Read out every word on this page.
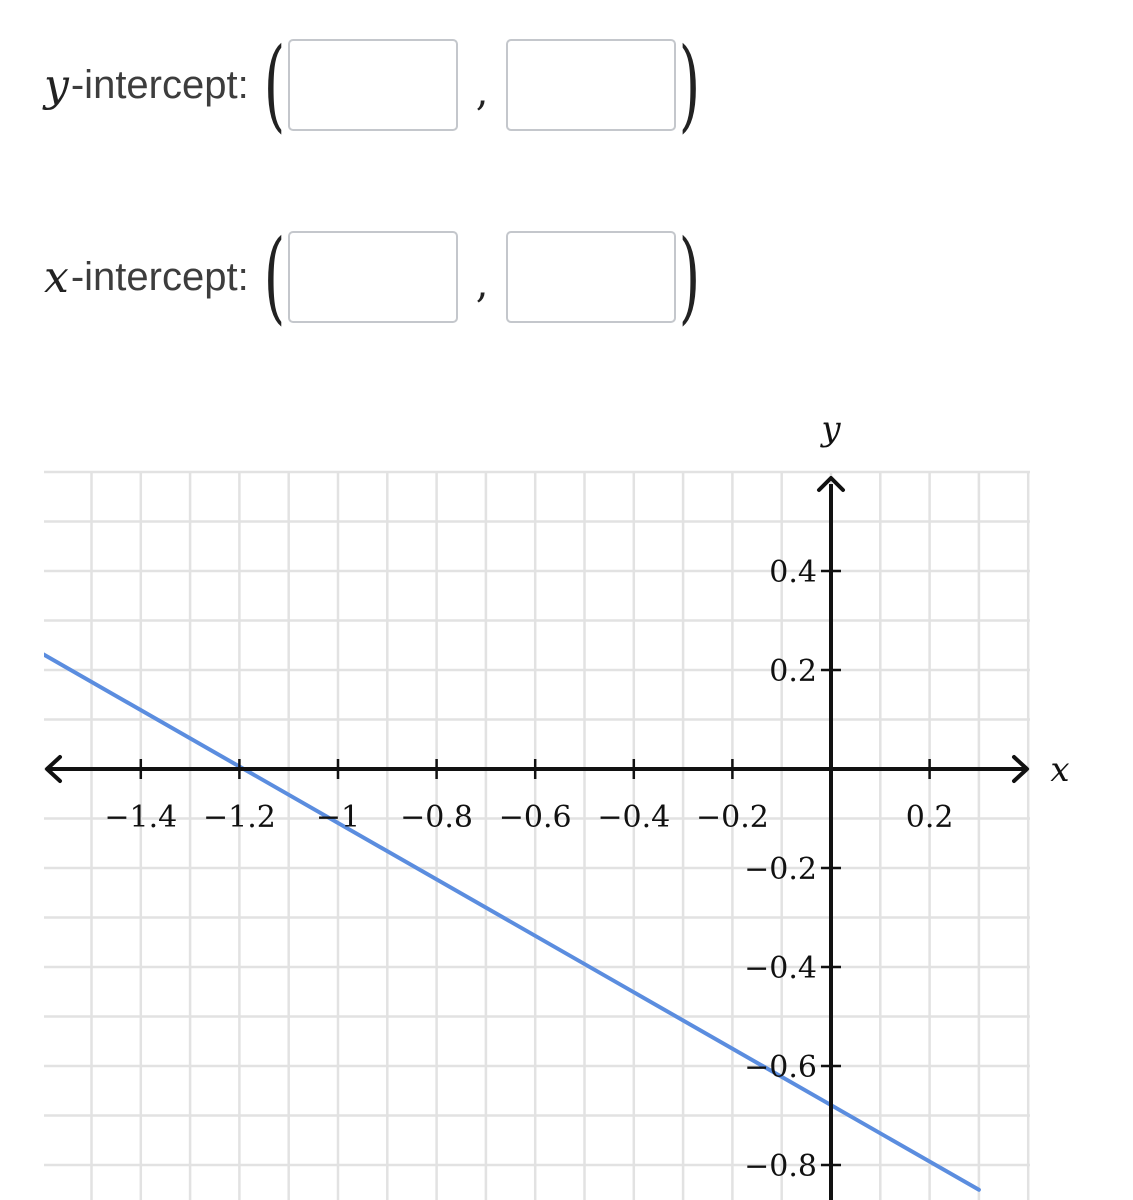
y -intercept: (	, )
x -intercept: (	, )
−1.4 −1.2 −1 −0.8 −0.6 −0.4 −0.2	0.2
0.4
0.2
−0.2
−0.4
−0.6
−0.8
x
y
